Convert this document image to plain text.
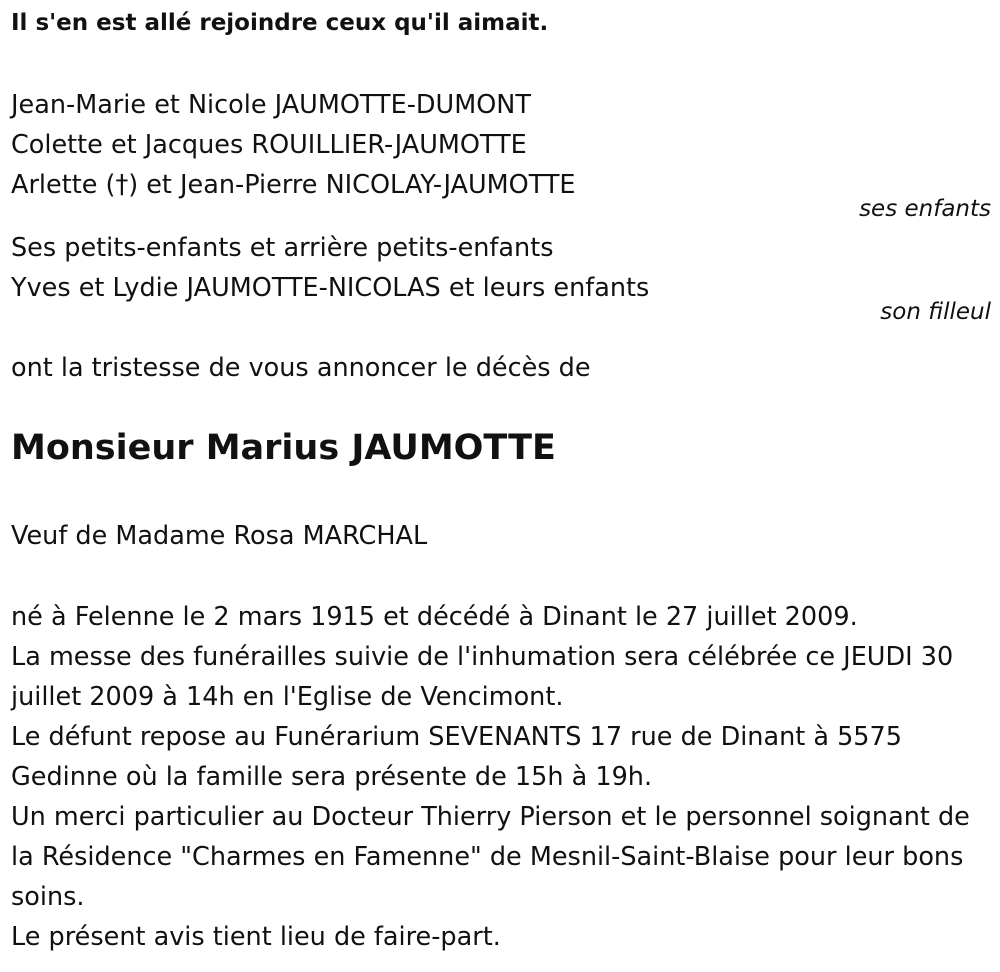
Il s'en est allé rejoindre ceux qu'il aimait.

Jean-Marie et Nicole JAUMOTTE-DUMONT

Colette et Jacques ROUILLIER-JAUMOTTE

Arlette (†) et Jean-Pierre NICOLAY-JAUMOTTE

ses enfants

Ses petits-enfants et arrière petits-enfants

Yves et Lydie JAUMOTTE-NICOLAS et leurs enfants

son filleul

ont la tristesse de vous annoncer le décès de

Monsieur Marius JAUMOTTE

Veuf de Madame Rosa MARCHAL

né à Felenne le 2 mars 1915 et décédé à Dinant le 27 juillet 2009.

La messe des funérailles suivie de l'inhumation sera célébrée ce JEUDI 30 juillet 2009 à 14h en l'Eglise de Vencimont.

Le défunt repose au Funérarium SEVENANTS 17 rue de Dinant à 5575 Gedinne où la famille sera présente de 15h à 19h.

Un merci particulier au Docteur Thierry Pierson et le personnel soignant de la Résidence "Charmes en Famenne" de Mesnil-Saint-Blaise pour leur bons soins.

Le présent avis tient lieu de faire-part.
